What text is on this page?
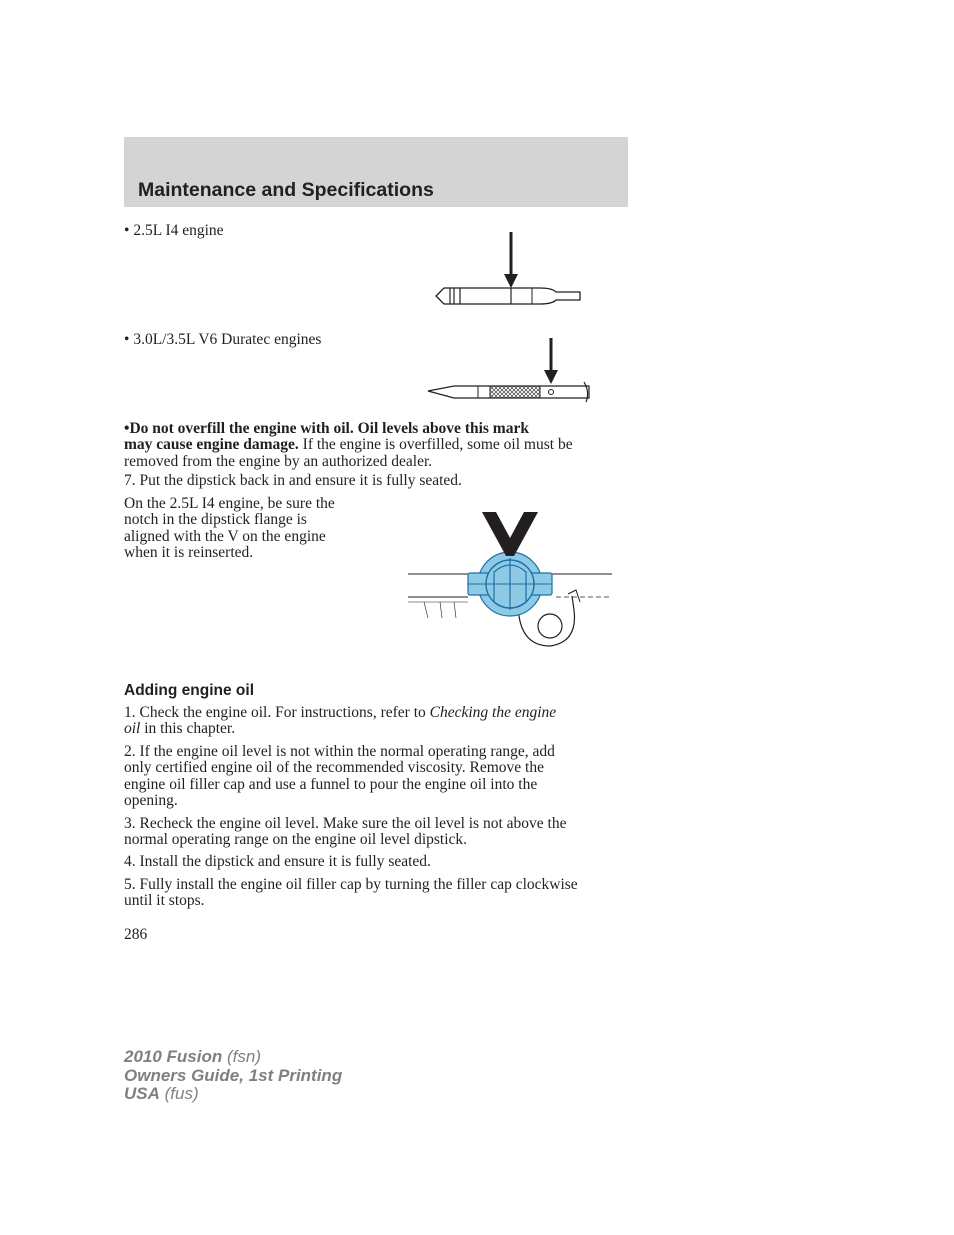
Maintenance and Specifications
• 2.5L I4 engine
• 3.0L/3.5L V6 Duratec engines
•Do not overfill the engine with oil. Oil levels above this mark
may cause engine damage. If the engine is overfilled, some oil must be
removed from the engine by an authorized dealer.
7. Put the dipstick back in and ensure it is fully seated.
On the 2.5L I4 engine, be sure the
notch in the dipstick flange is
aligned with the V on the engine
when it is reinserted.
Adding engine oil
1. Check the engine oil. For instructions, refer to Checking the engine
oil in this chapter.
2. If the engine oil level is not within the normal operating range, add
only certified engine oil of the recommended viscosity. Remove the
engine oil filler cap and use a funnel to pour the engine oil into the
opening.
3. Recheck the engine oil level. Make sure the oil level is not above the
normal operating range on the engine oil level dipstick.
4. Install the dipstick and ensure it is fully seated.
5. Fully install the engine oil filler cap by turning the filler cap clockwise
until it stops.
286
2010 Fusion (fsn)
Owners Guide, 1st Printing
USA (fus)
